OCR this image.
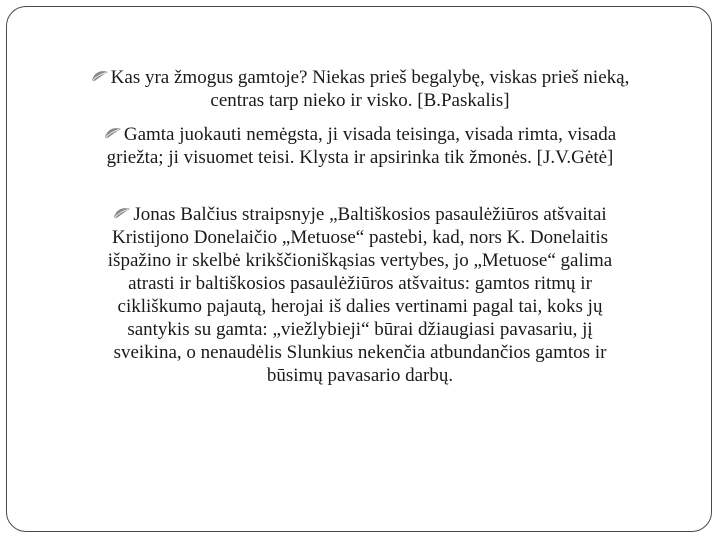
Kas yra žmogus gamtoje? Niekas prieš begalybę, viskas prieš nieką,
centras tarp nieko ir visko. [B.Paskalis]
Gamta juokauti nemėgsta, ji visada teisinga, visada rimta, visada
griežta; ji visuomet teisi. Klysta ir apsirinka tik žmonės. [J.V.Gėtė]
Jonas Balčius straipsnyje „Baltiškosios pasaulėžiūros atšvaitai
Kristijono Donelaičio „Metuose“ pastebi, kad, nors K. Donelaitis
išpažino ir skelbė krikščioniškąsias vertybes, jo „Metuose“ galima
atrasti ir baltiškosios pasaulėžiūros atšvaitus: gamtos ritmų ir
cikliškumo pajautą, herojai iš dalies vertinami pagal tai, koks jų
santykis su gamta: „viežlybieji“ būrai džiaugiasi pavasariu, jį
sveikina, o nenaudėlis Slunkius nekenčia atbundančios gamtos ir
būsimų pavasario darbų.
